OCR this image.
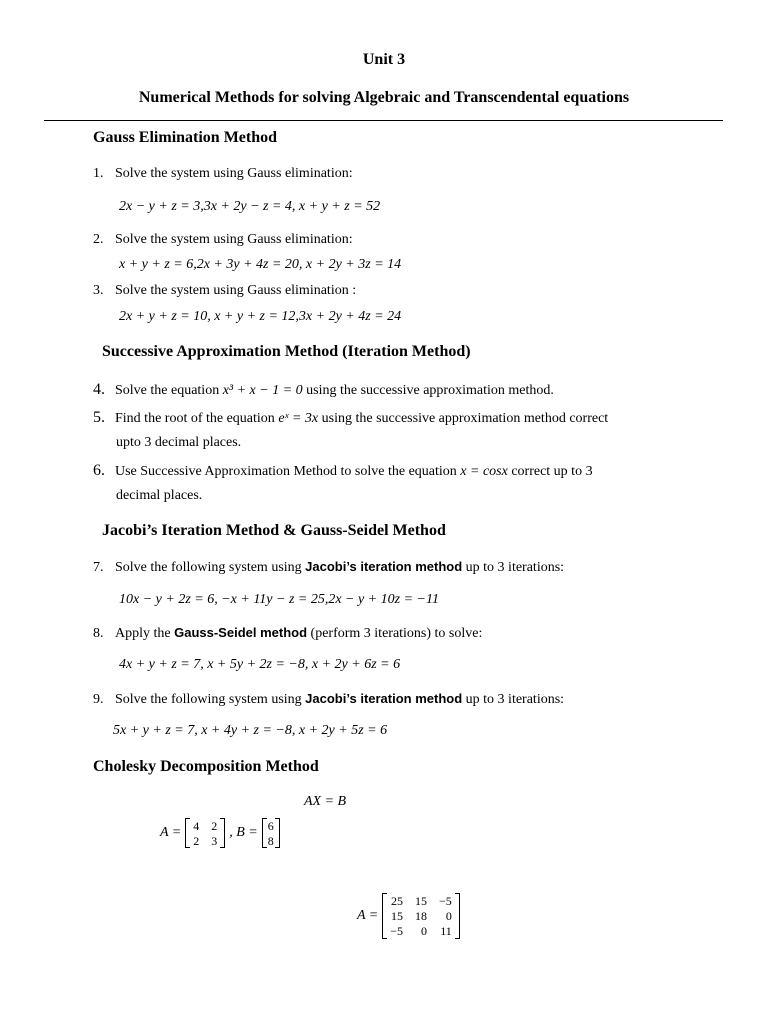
Unit 3
Numerical Methods for solving Algebraic and Transcendental equations
Gauss Elimination Method
1. Solve the system using Gauss elimination:
2x − y + z = 3,3x + 2y − z = 4, x + y + z = 52
2. Solve the system using Gauss elimination:
x + y + z = 6,2x + 3y + 4z = 20, x + 2y + 3z = 14
3. Solve the system using Gauss elimination :
2x + y + z = 10, x + y + z = 12,3x + 2y + 4z = 24
Successive Approximation Method (Iteration Method)
4. Solve the equation x³ + x − 1 = 0 using the successive approximation method.
5. Find the root of the equation eˣ = 3x using the successive approximation method correct
upto 3 decimal places.
6. Use Successive Approximation Method to solve the equation x = cosx correct up to 3
decimal places.
Jacobi’s Iteration Method & Gauss-Seidel Method
7. Solve the following system using Jacobi’s iteration method up to 3 iterations:
10x − y + 2z = 6, −x + 11y − z = 25,2x − y + 10z = −11
8. Apply the Gauss-Seidel method (perform 3 iterations) to solve:
4x + y + z = 7, x + 5y + 2z = −8, x + 2y + 6z = 6
9. Solve the following system using Jacobi’s iteration method up to 3 iterations:
5x + y + z = 7, x + 4y + z = −8, x + 2y + 5z = 6
Cholesky Decomposition Method
AX = B
A = 4 2
2 3
, B = 6
8
A =
25 15 −5
15 18	0
−5	0 11
